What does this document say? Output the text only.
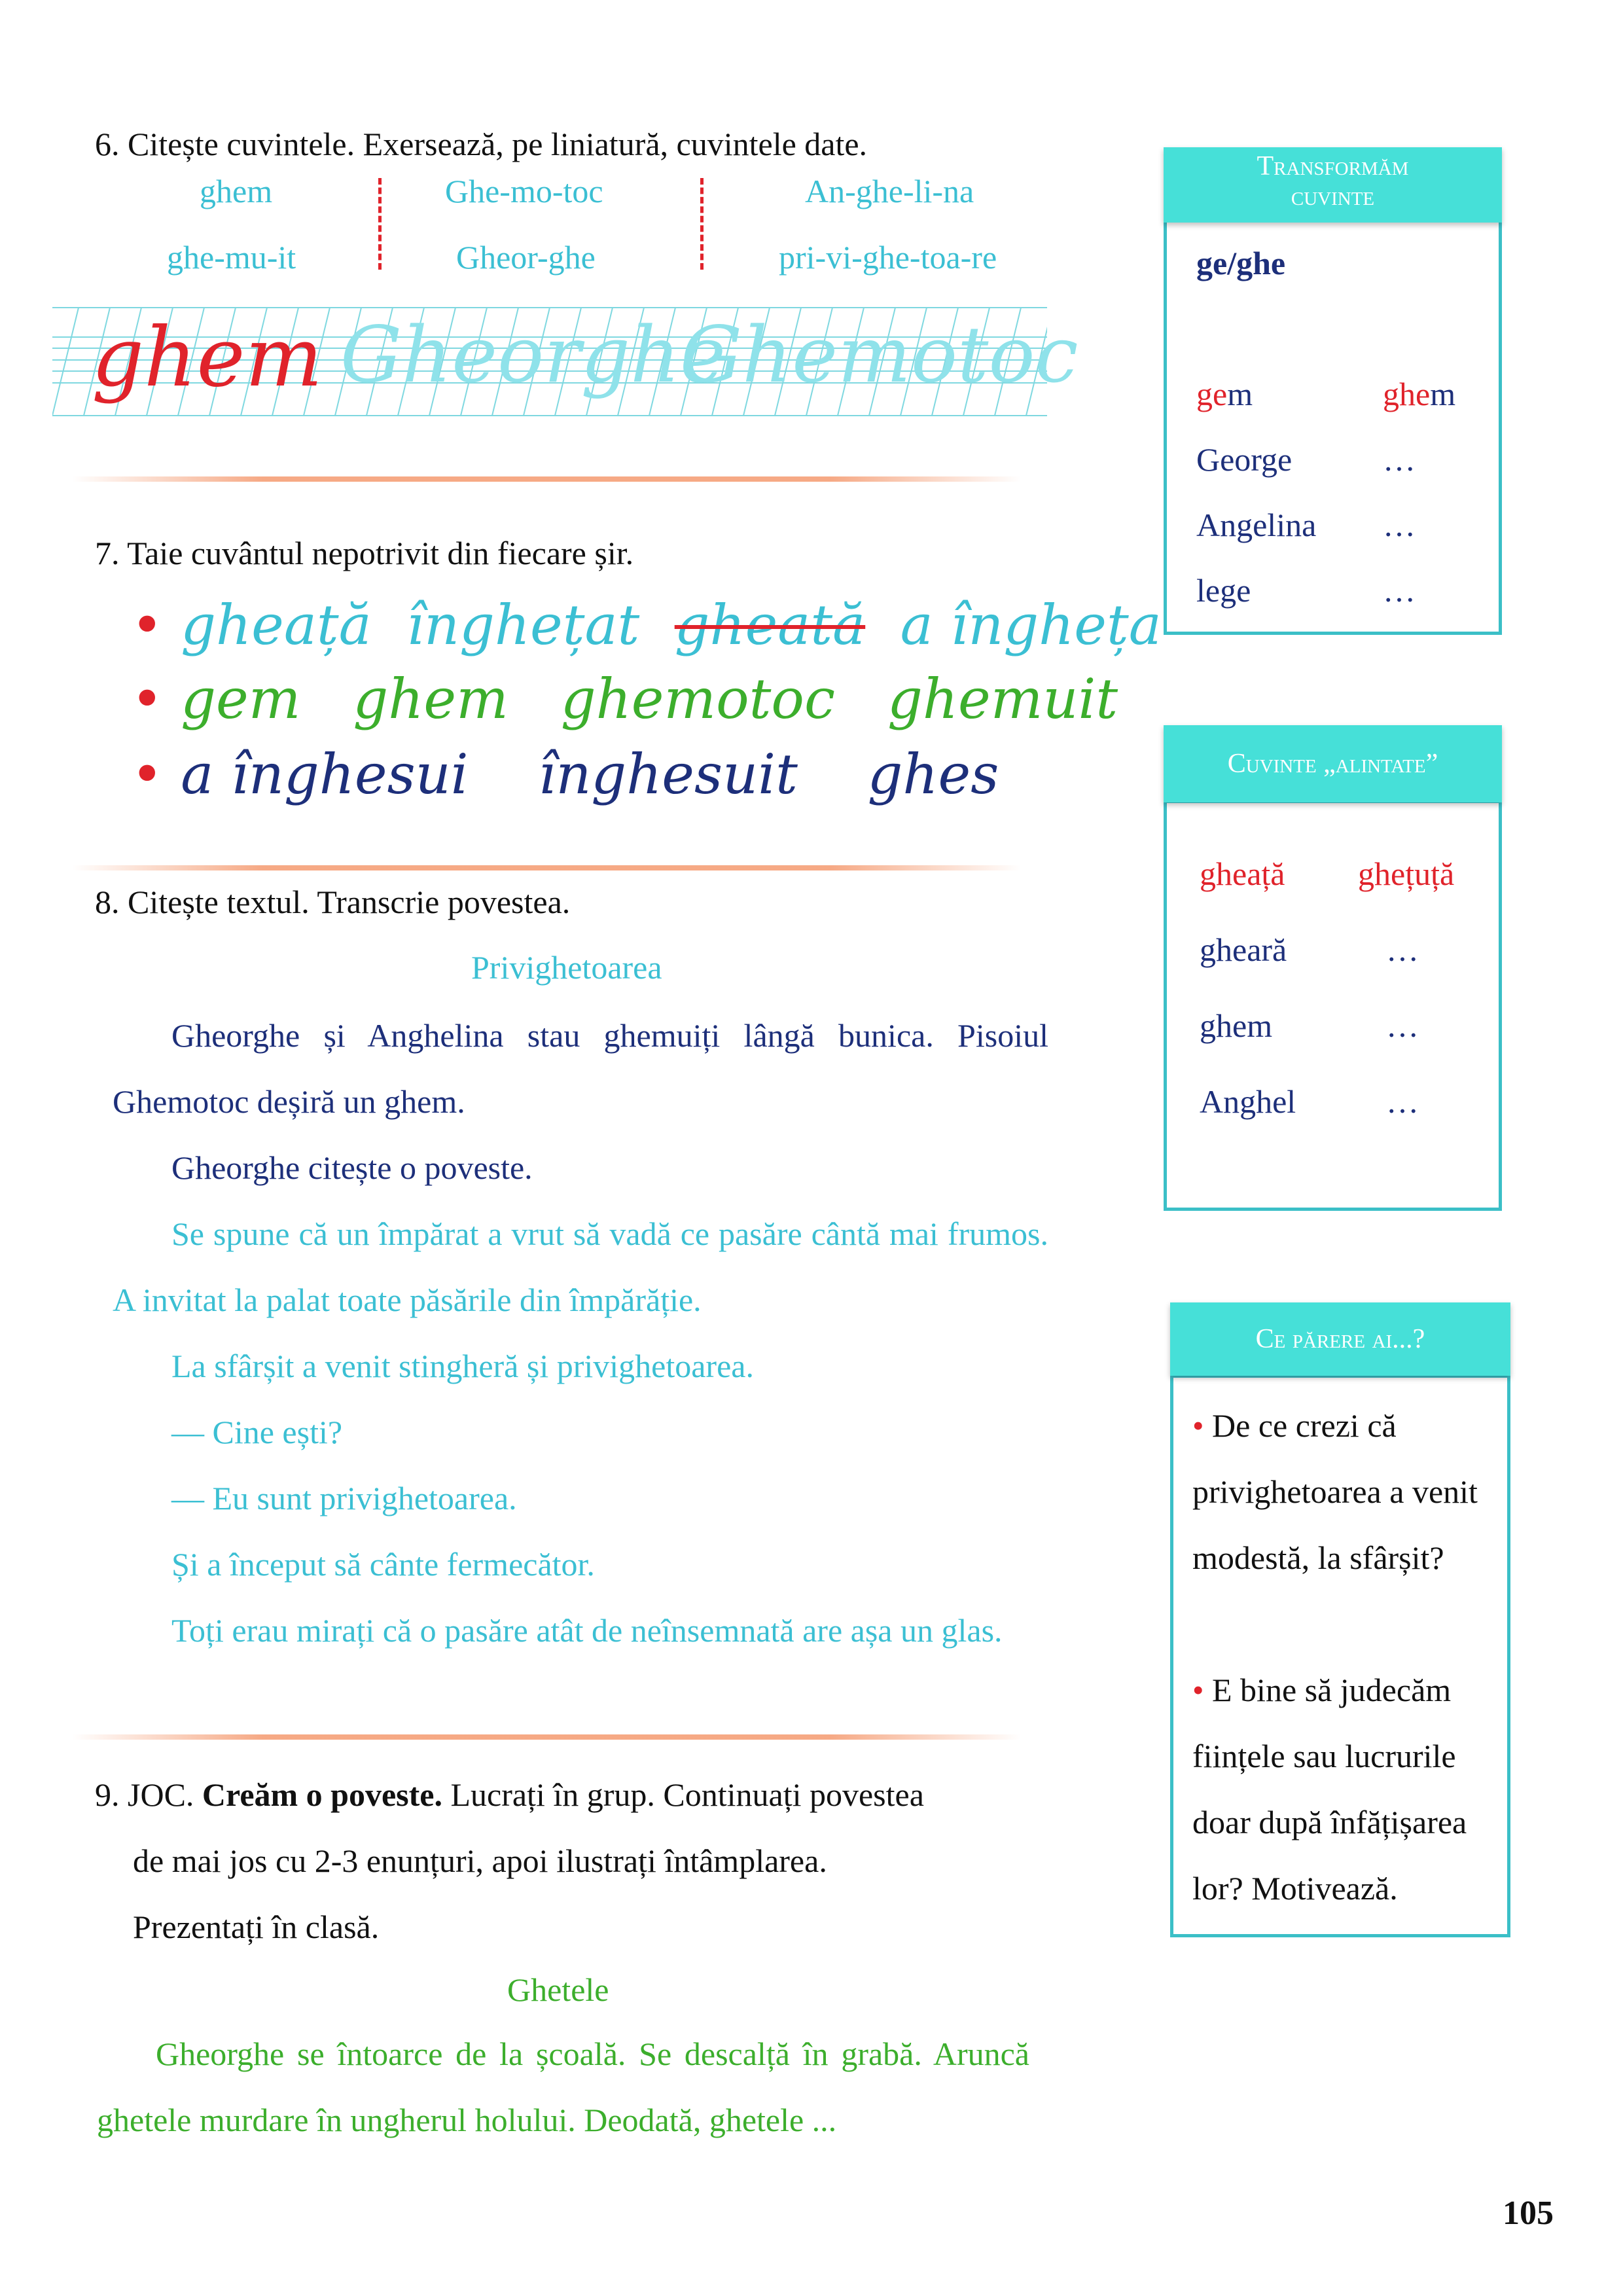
6. Citește cuvintele. Exersează, pe liniatură, cuvintele date.
ghem	Ghe-mo-toc	An-ghe-li-na
ghe-mu-it	Gheor-ghe	pri-vi-ghe-toa-re
ghem Gheorghe
Ghemotoc
7. Taie cuvântul nepotrivit din fiecare șir.
• gheață înghețat gheată a îngheța
• gem ghem ghemotoc ghemuit
• a înghesui înghesuit ghes
8. Citește textul. Transcrie povestea.
Privighetoarea
Gheorghe și Anghelina stau ghemuiți lângă bunica. Pisoiul Ghemotoc deșiră un ghem.
Gheorghe citește o poveste.
Se spune că un împărat a vrut să vadă ce pasăre cântă mai frumos. A invitat la palat toate păsările din împărăție.
La sfârșit a venit stingheră și privighetoarea.
— Cine ești?
— Eu sunt privighetoarea.
Și a început să cânte fermecător.
Toți erau mirați că o pasăre atât de neînsemnată are așa un glas.
9. JOC. Creăm o poveste. Lucrați în grup. Continuați povestea
de mai jos cu 2-3 enunțuri, apoi ilustrați întâmplarea.
Prezentați în clasă.
Ghetele
Gheorghe se întoarce de la școală. Se descalță în grabă. Aruncă ghetele murdare în ungherul holului. Deodată, ghetele ...
Transformăm
cuvinte
ge/ghe
gem	ghem
George	…
Angelina …
lege	…
Cuvinte „alintate”
gheață ghețuță
gheară	…
ghem	…
Anghel	…
Ce părere ai...?
• De ce crezi că privighetoarea a venit modestă, la sfârșit?
• E bine să judecăm ființele sau lucrurile doar după înfățișarea lor? Motivează.
105
